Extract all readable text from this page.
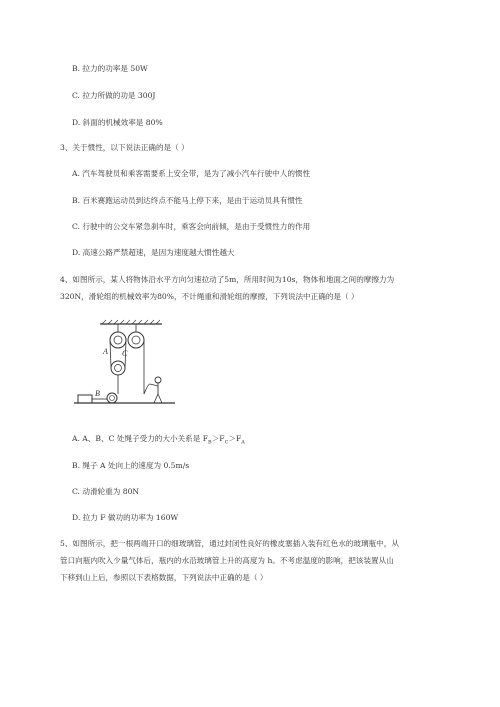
B. 拉力的功率是 50W
C. 拉力所做的功是 300J
D. 斜面的机械效率是 80%
3、关于惯性，以下说法正确的是（ ）
A. 汽车驾驶员和乘客需要系上安全带，是为了减小汽车行驶中人的惯性
B. 百米赛跑运动员到达终点不能马上停下来，是由于运动员具有惯性
C. 行驶中的公交车紧急刹车时，乘客会向前倾，是由于受惯性力的作用
D. 高速公路严禁超速，是因为速度越大惯性越大
4、如图所示，某人将物体沿水平方向匀速拉动了5m，所用时间为10s，物体和地面之间的摩擦力为
320N，滑轮组的机械效率为80%，不计绳重和滑轮组的摩擦，下列说法中正确的是（ ）
A C
B
A. A、B、C 处绳子受力的大小关系是 $F_B>F_C>F_A$
B. 绳子 A 处向上的速度为 0.5m/s
C. 动滑轮重为 80N
D. 拉力 F 做功的功率为 160W
5、如图所示，把一根两端开口的细玻璃管，通过封闭性良好的橡皮塞插入装有红色水的玻璃瓶中，从
管口向瓶内吹入少量气体后，瓶内的水沿玻璃管上升的高度为 h。不考虑温度的影响，把该装置从山
下移到山上后，参照以下表格数据，下列说法中正确的是（ ）
